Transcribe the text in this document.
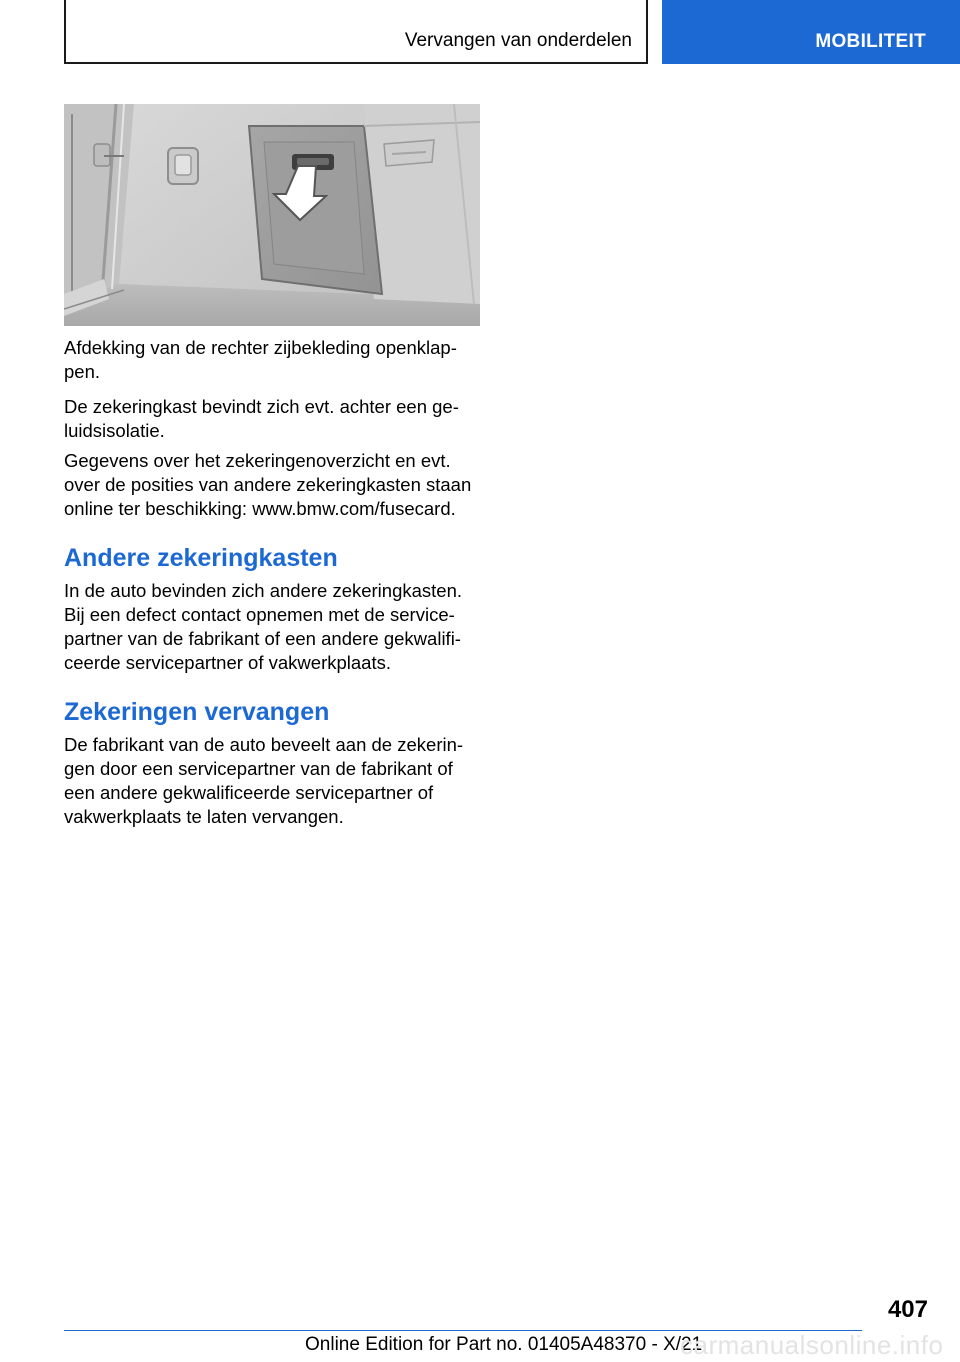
Vervangen van onderdelen	MOBILITEIT

Afdekking van de rechter zijbekleding openklap-
pen.

De zekeringkast bevindt zich evt. achter een ge-
luidsisolatie.

Gegevens over het zekeringenoverzicht en evt.
over de posities van andere zekeringkasten staan
online ter beschikking: www.bmw.com/fusecard.

Andere zekeringkasten

In de auto bevinden zich andere zekeringkasten.
Bij een defect contact opnemen met de service-
partner van de fabrikant of een andere gekwalifi-
ceerde servicepartner of vakwerkplaats.

Zekeringen vervangen

De fabrikant van de auto beveelt aan de zekerin-
gen door een servicepartner van de fabrikant of
een andere gekwalificeerde servicepartner of
vakwerkplaats te laten vervangen.

407
Online Edition for Part no. 01405A48370 - X/21
carmanualsonline.info
